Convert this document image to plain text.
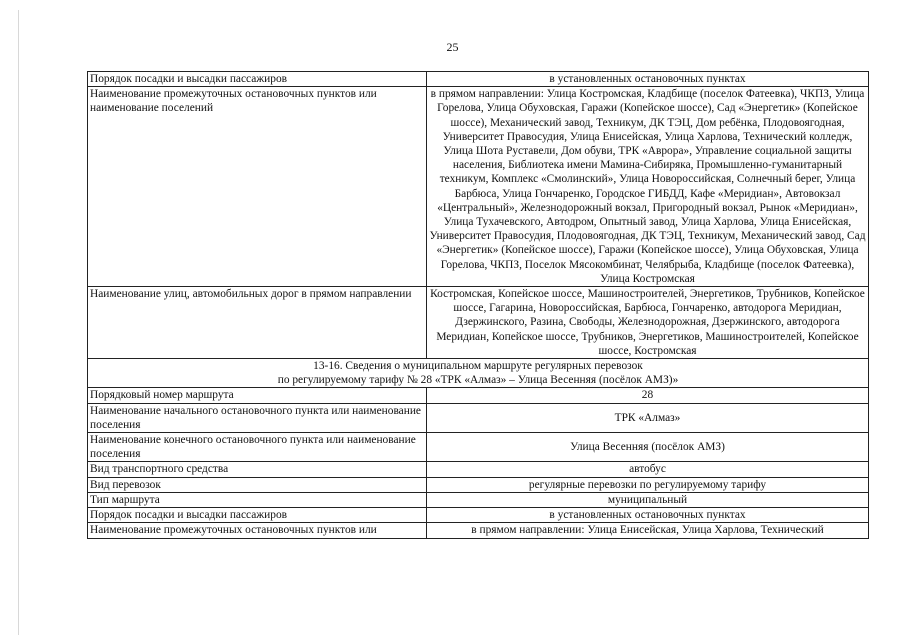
25
Порядок посадки и высадки пассажиров	в установленных остановочных пунктах
Наименование промежуточных остановочных пунктов или наименование поселений	в прямом направлении: Улица Костромская, Кладбище (поселок Фатеевка), ЧКПЗ, Улица Горелова, Улица Обуховская, Гаражи (Копейское шоссе), Сад «Энергетик» (Копейское шоссе), Механический завод, Техникум, ДК ТЭЦ, Дом ребёнка, Плодовоягодная, Университет Правосудия, Улица Енисейская, Улица Харлова, Технический колледж, Улица Шота Руставели, Дом обуви, ТРК «Аврора», Управление социальной защиты населения, Библиотека имени Мамина-Сибиряка, Промышленно-гуманитарный техникум, Комплекс «Смолинский», Улица Новороссийская, Солнечный берег, Улица Барбюса, Улица Гончаренко, Городское ГИБДД, Кафе «Меридиан», Автовокзал «Центральный», Железнодорожный вокзал, Пригородный вокзал, Рынок «Меридиан», Улица Тухачевского, Автодром, Опытный завод, Улица Харлова, Улица Енисейская, Университет Правосудия, Плодовоягодная, ДК ТЭЦ, Техникум, Механический завод, Сад «Энергетик» (Копейское шоссе), Гаражи (Копейское шоссе), Улица Обуховская, Улица Горелова, ЧКПЗ, Поселок Мясокомбинат, Челябрыба, Кладбище (поселок Фатеевка), Улица Костромская
Наименование улиц, автомобильных дорог в прямом направлении	Костромская, Копейское шоссе, Машиностроителей, Энергетиков, Трубников, Копейское шоссе, Гагарина, Новороссийская, Барбюса, Гончаренко, автодорога Меридиан, Дзержинского, Разина, Свободы, Железнодорожная, Дзержинского, автодорога Меридиан, Копейское шоссе, Трубников, Энергетиков, Машиностроителей, Копейское шоссе, Костромская

13-16. Сведения о муниципальном маршруте регулярных перевозок
по регулируемому тарифу № 28 «ТРК «Алмаз» – Улица Весенняя (посёлок АМЗ)»	

Порядковый номер маршрута	28
Наименование начального остановочного пункта или наименование поселения	ТРК «Алмаз»
Наименование конечного остановочного пункта или наименование поселения	Улица Весенняя (посёлок АМЗ)
Вид транспортного средства	автобус
Вид перевозок	регулярные перевозки по регулируемому тарифу
Тип маршрута	муниципальный
Порядок посадки и высадки пассажиров	в установленных остановочных пунктах
Наименование промежуточных остановочных пунктов или	в прямом направлении: Улица Енисейская, Улица Харлова, Технический
